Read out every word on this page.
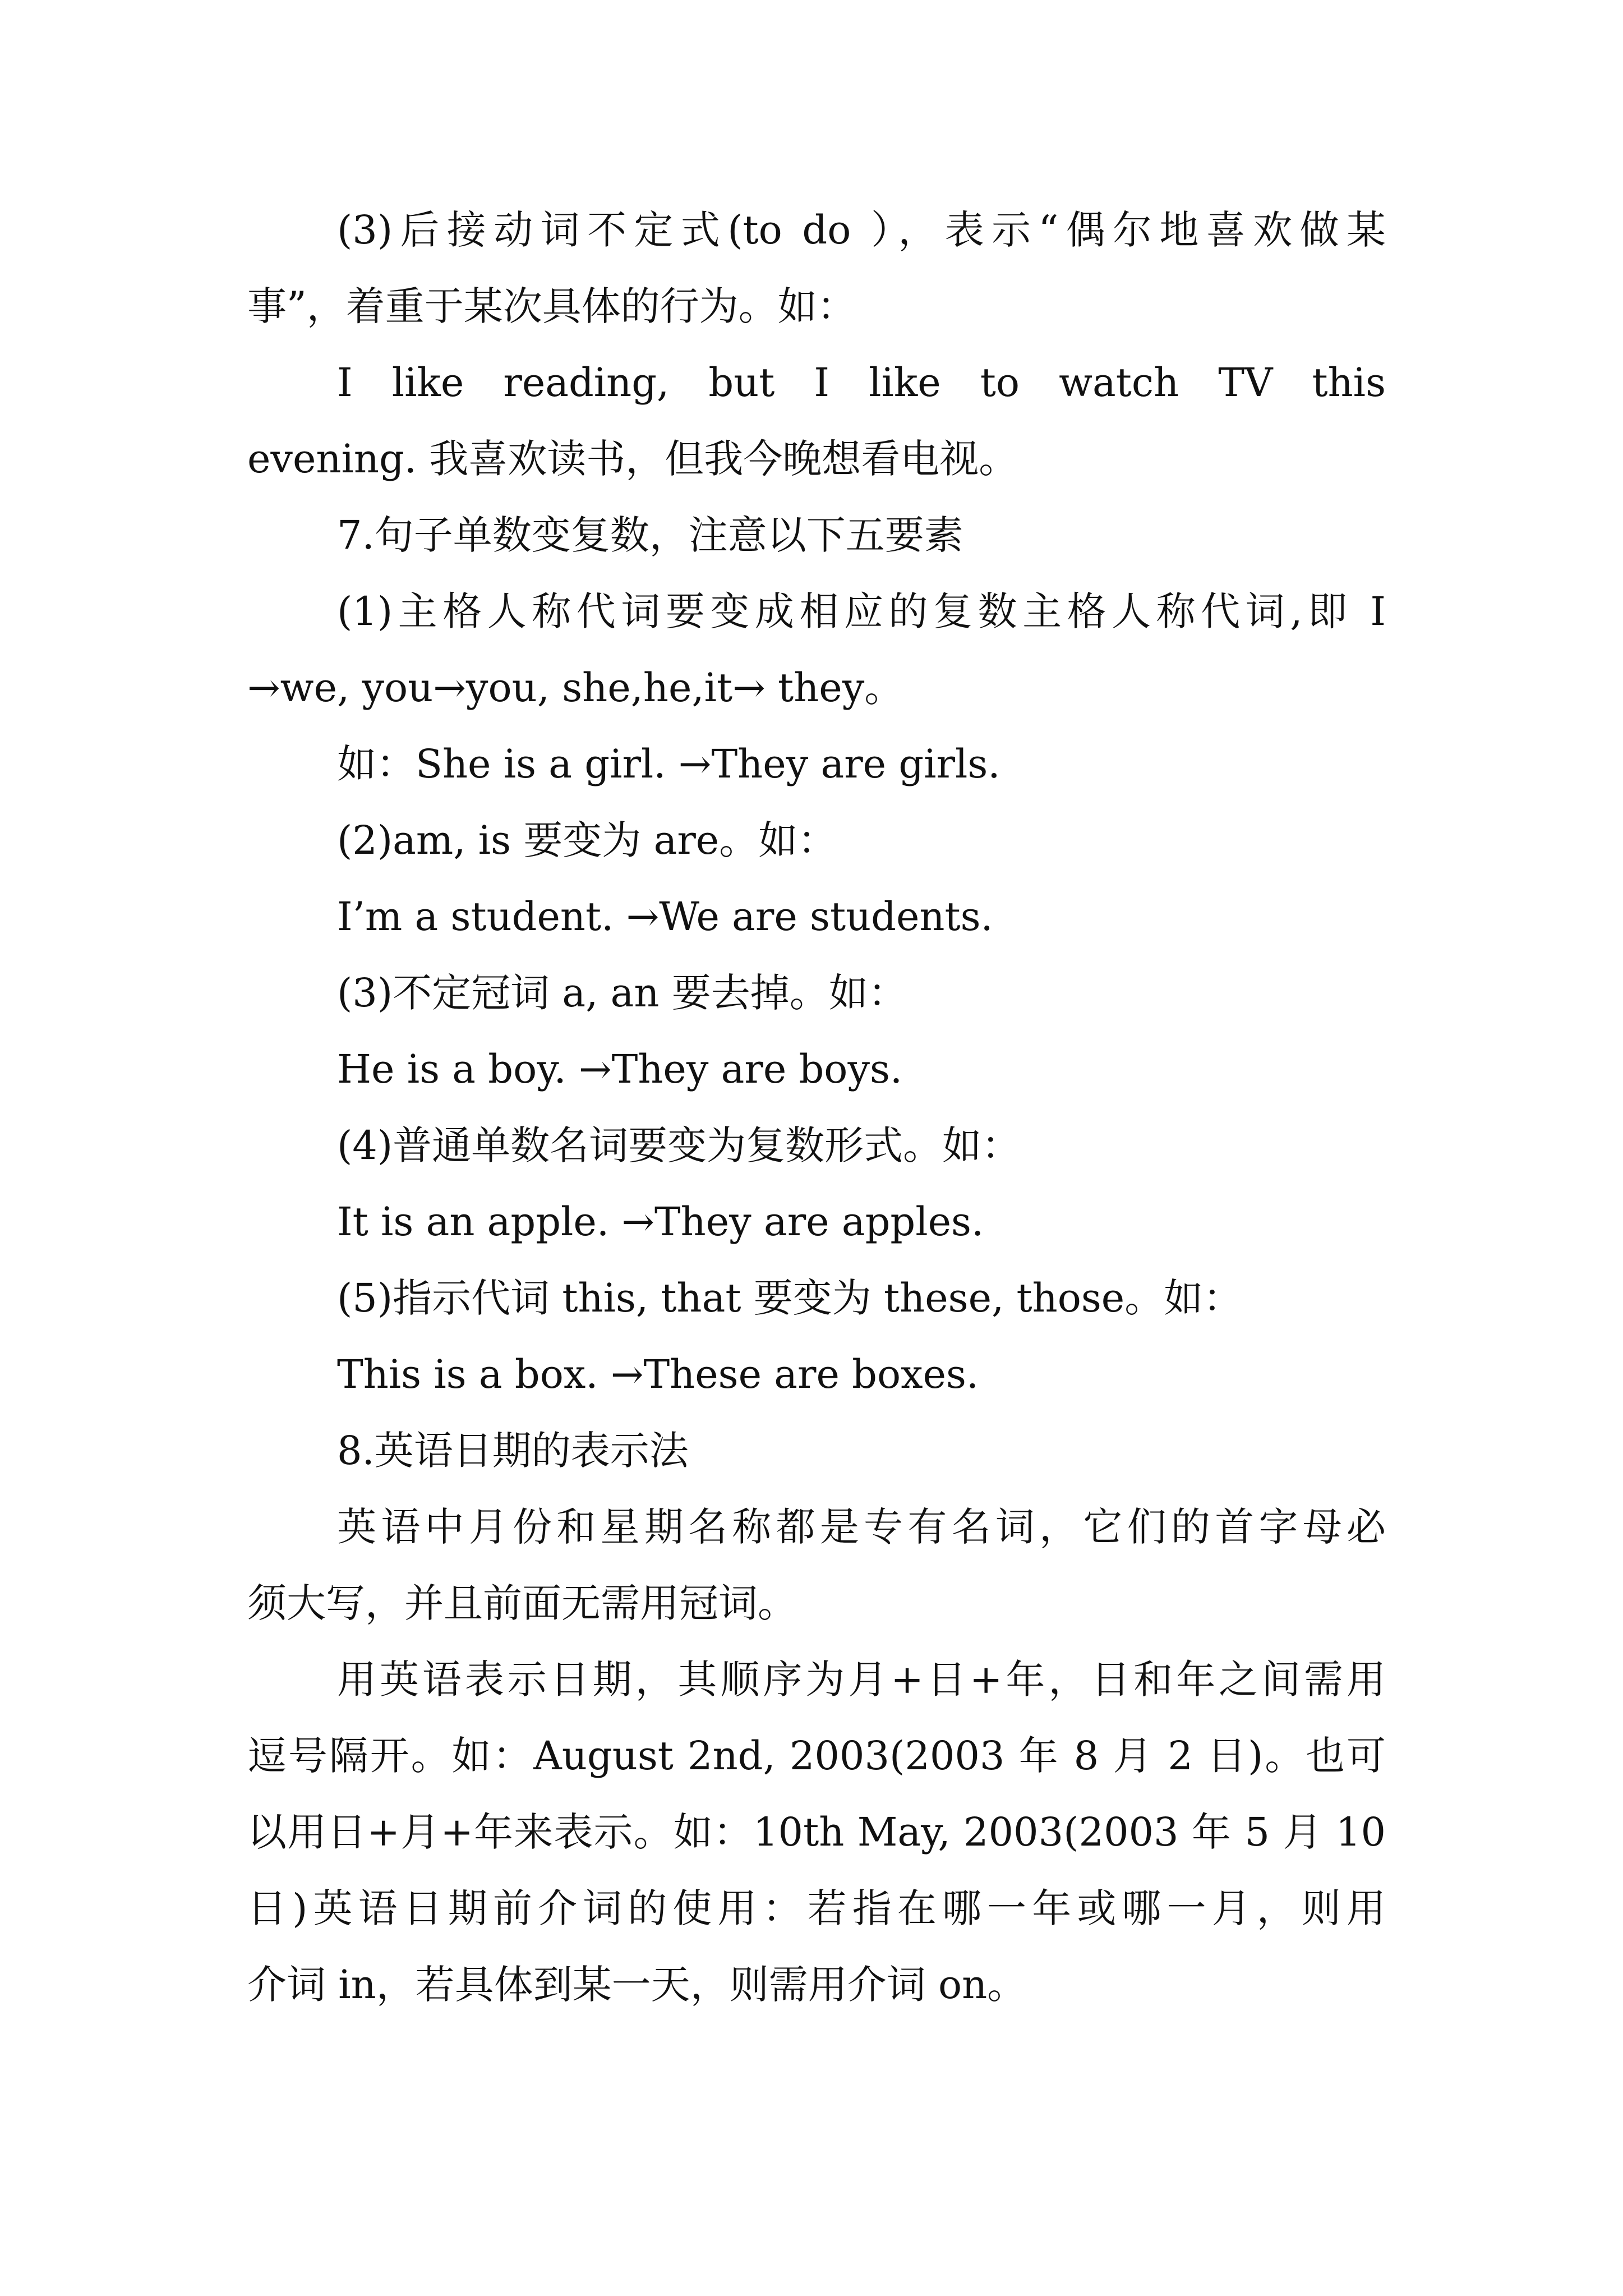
(3)后接动词不定式(to do ），表示“偶尔地喜欢做某
事”，着重于某次具体的行为。如：
I like reading, but I like to watch TV this
evening. 我喜欢读书，但我今晚想看电视。
7.句子单数变复数，注意以下五要素
(1)主格人称代词要变成相应的复数主格人称代词,即 I
→we, you→you, she,he,it→ they。
如：She is a girl. →They are girls.
(2)am, is 要变为 are。如：
I’m a student. →We are students.
(3)不定冠词 a, an 要去掉。如：
He is a boy. →They are boys.
(4)普通单数名词要变为复数形式。如：
It is an apple. →They are apples.
(5)指示代词 this, that 要变为 these, those。如：
This is a box. →These are boxes.
8.英语日期的表示法
英语中月份和星期名称都是专有名词，它们的首字母必
须大写，并且前面无需用冠词。
用英语表示日期，其顺序为月+日+年，日和年之间需用
逗号隔开。如：August 2nd, 2003(2003 年 8 月 2 日)。也可
以用日+月+年来表示。如：10th May, 2003(2003 年 5 月 10
日)英语日期前介词的使用：若指在哪一年或哪一月，则用
介词 in，若具体到某一天，则需用介词 on。
